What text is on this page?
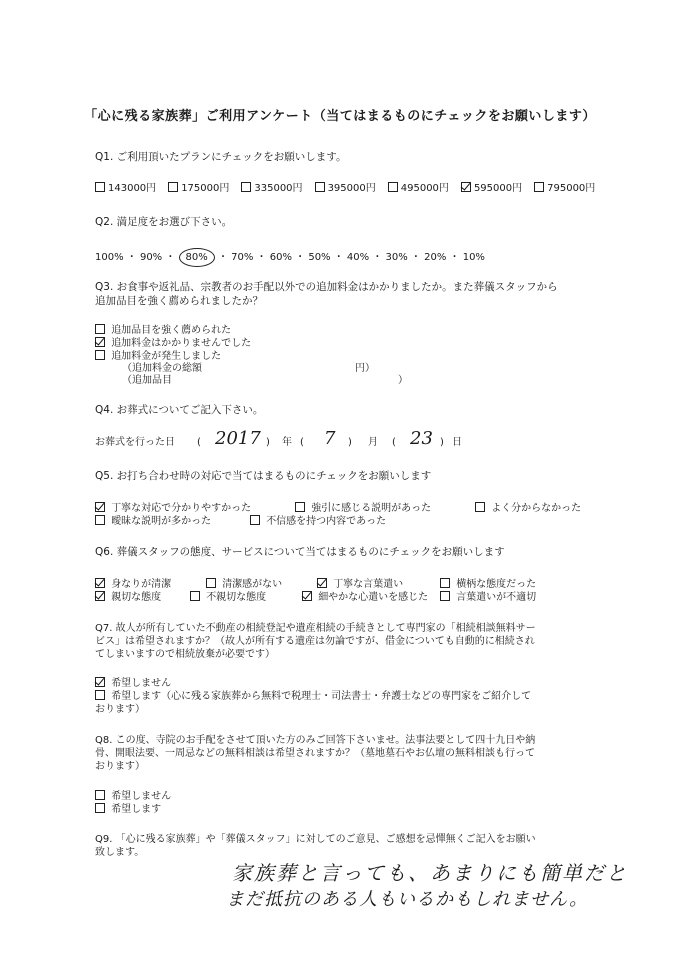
「心に残る家族葬」ご利用アンケート（当てはまるものにチェックをお願いします）
Q1. ご利用頂いたプランにチェックをお願いします。
143000円	175000円	335000円	395000円	495000円	595000円	795000円
Q2. 満足度をお選び下さい。
100% ・ 90% ・ 80% ・ 70% ・ 60% ・ 50% ・ 40% ・ 30% ・ 20% ・ 10%
Q3. お食事や返礼品、宗教者のお手配以外での追加料金はかかりましたか。また葬儀スタッフから
追加品目を強く薦められましたか？
追加品目を強く薦められた
追加料金はかかりませんでした
追加料金が発生しました
（追加料金の総額	円）
（追加品目	）
Q4. お葬式についてご記入下さい。
お葬式を行った日 ( 2017 ) 年 ( 7 ) 月 ( 23 ) 日
Q5. お打ち合わせ時の対応で当てはまるものにチェックをお願いします
丁寧な対応で分かりやすかった	強引に感じる説明があった	よく分からなかった
曖昧な説明が多かった	不信感を持つ内容であった
Q6. 葬儀スタッフの態度、サービスについて当てはまるものにチェックをお願いします
身なりが清潔	清潔感がない	丁寧な言葉遣い	横柄な態度だった
親切な態度	不親切な態度	細やかな心遣いを感じた	言葉遣いが不適切
Q7. 故人が所有していた不動産の相続登記や遺産相続の手続きとして専門家の「相続相談無料サー
ビス」は希望されますか？（故人が所有する遺産は勿論ですが、借金についても自動的に相続され
てしまいますので相続放棄が必要です）
希望しません
希望します（心に残る家族葬から無料で税理士・司法書士・弁護士などの専門家をご紹介して
おります）
Q8. この度、寺院のお手配をさせて頂いた方のみご回答下さいませ。法事法要として四十九日や納
骨、開眼法要、一周忌などの無料相談は希望されますか？（墓地墓石やお仏壇の無料相談も行って
おります）
希望しません
希望します
Q9. 「心に残る家族葬」や「葬儀スタッフ」に対してのご意見、ご感想を忌憚無くご記入をお願い
致します。
家族葬と言っても、あまりにも簡単だと
まだ抵抗のある人もいるかもしれません。
